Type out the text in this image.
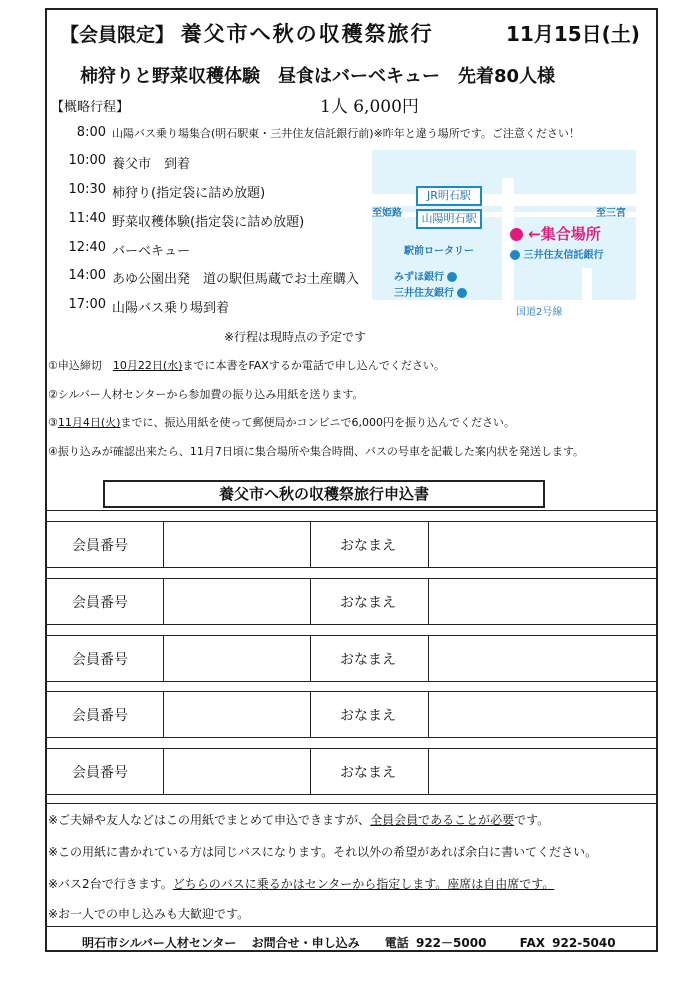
【会員限定】 養父市へ秋の収穫祭旅行	11月15日(土)
柿狩りと野菜収穫体験　昼食はバーベキュー　先着80人様
【概略行程】	1人 6,000円
8:00 山陽バス乗り場集合(明石駅東・三井住友信託銀行前)※昨年と違う場所です。ご注意ください！
10:00 養父市　到着
10:30 柿狩り(指定袋に詰め放題)
11:40 野菜収穫体験(指定袋に詰め放題)
12:40 バーベキュー
14:00 あゆ公園出発　道の駅但馬蔵でお土産購入
17:00 山陽バス乗り場到着
JR明石駅
山陽明石駅
至姫路	至三宮
駅前ロータリー	三井住友信託銀行
みずほ銀行
三井住友銀行
←集合場所
国道2号線
※行程は現時点の予定です
①申込締切　10月22日(水)までに本書をFAXするか電話で申し込んでください。
②シルバー人材センターから参加費の振り込み用紙を送ります。
③11月4日(火)までに、振込用紙を使って郵便局かコンビニで6,000円を振り込んでください。
④振り込みが確認出来たら、11月7日頃に集合場所や集合時間、バスの号車を記載した案内状を発送します。
養父市へ秋の収穫祭旅行申込書
会員番号	おなまえ
会員番号	おなまえ
会員番号	おなまえ
会員番号	おなまえ
会員番号	おなまえ
※ご夫婦や友人などはこの用紙でまとめて申込できますが、全員会員であることが必要です。
※この用紙に書かれている方は同じバスになります。それ以外の希望があれば余白に書いてください。
※バス2台で行きます。どちらのバスに乗るかはセンターから指定します。座席は自由席です。
※お一人での申し込みも大歓迎です。
明石市シルバー人材センター お問合せ・申し込み 電話 922－5000	FAX 922-5040
